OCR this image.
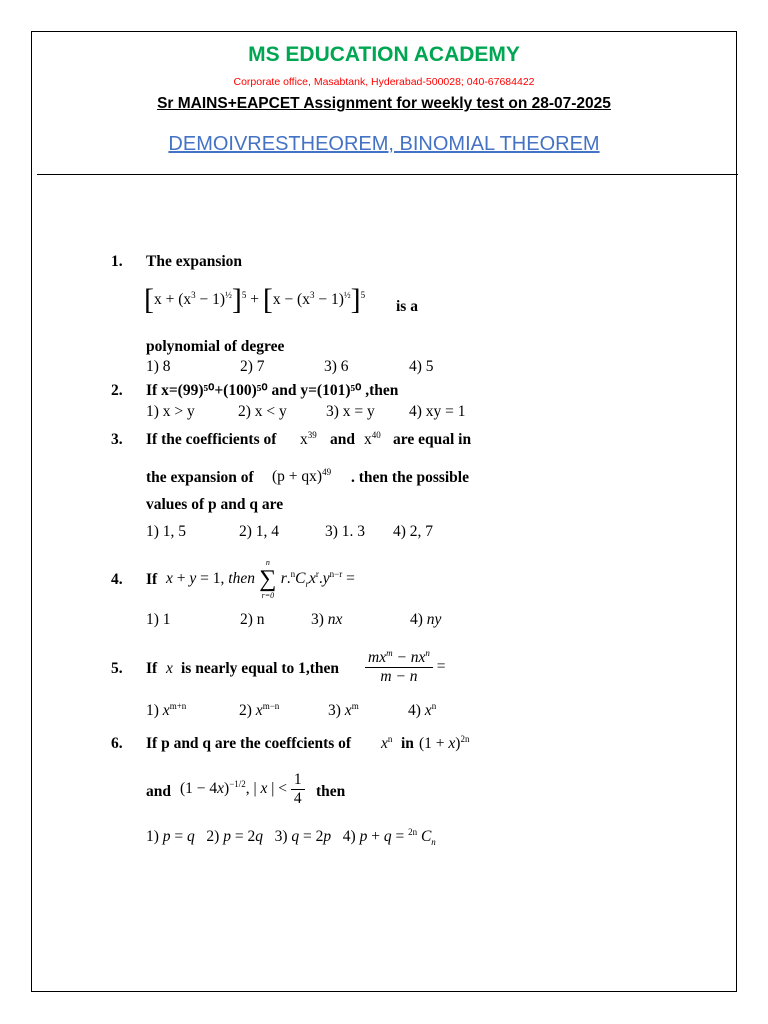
MS EDUCATION ACADEMY
Corporate office, Masabtank, Hyderabad-500028; 040-67684422
Sr MAINS+EAPCET Assignment for weekly test on 28-07-2025
DEMOIVRESTHEOREM, BINOMIAL THEOREM
1. The expansion
$[x + (x^3 - 1)^{\frac{1}{2}}]^5 + [x - (x^3 - 1)^{\frac{1}{2}}]^5$
is a
polynomial of degree
1) 8	2) 7	3) 6	4) 5
2. If x=(99)⁵⁰+(100)⁵⁰ and y=(101)⁵⁰ ,then
1) x > y	2) x < y	3) x = y 4) xy = 1
3. If the coefficients of $x^{39}$ and $x^{40}$ are equal in
the expansion of (p + qx)$^{49}$ . then the possible
values of p and q are
1) 1, 5	2) 1, 4	3) 1. 3 4) 2, 7
4. If x + y = 1, then
n
∑
r=0
$r.^nC_rx^r.y^{n-r}$ =
1) 1	2) n	3) nx	4) ny
5. If x is nearly equal to 1,then $\frac{mx^m - nx^n}{m - n}$ =
1) $x^{m+n}$	2) $x^{m-n}$	3) $x^m$	4) $x^n$
6. If p and q are the coeffcients of $x^n$ in $(1 + x)^{2n}$
and $(1 - 4x)^{-1/2}$, | x | < $\frac{1}{4}$ then
1) p = q 2) p = 2q 3) q = 2p 4) p + q = $^{2n}$ $C_n$
